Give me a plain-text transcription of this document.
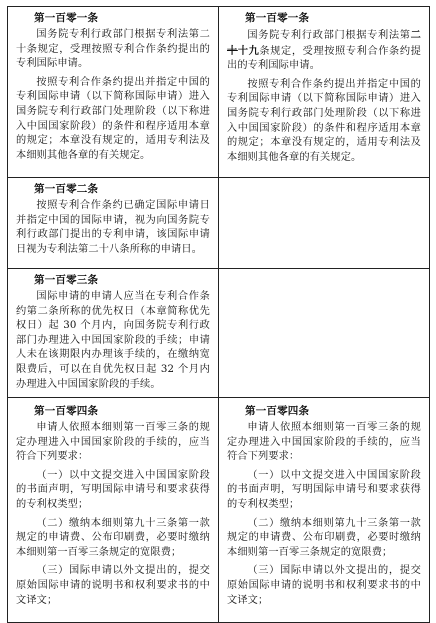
第一百零一条

国务院专利行政部门根据专利法第二十条规定，受理按照专利合作条约提出的专利国际申请。

按照专利合作条约提出并指定中国的专利国际申请（以下简称国际申请）进入国务院专利行政部门处理阶段（以下称进入中国国家阶段）的条件和程序适用本章的规定；本章没有规定的，适用专利法及本细则其他各章的有关规定。

第一百零一条

国务院专利行政部门根据专利法第二十十九条规定，受理按照专利合作条约提出的专利国际申请。

按照专利合作条约提出并指定中国的专利国际申请（以下简称国际申请）进入国务院专利行政部门处理阶段（以下称进入中国国家阶段）的条件和程序适用本章的规定；本章没有规定的，适用专利法及本细则其他各章的有关规定。

第一百零二条

按照专利合作条约已确定国际申请日并指定中国的国际申请，视为向国务院专利行政部门提出的专利申请，该国际申请日视为专利法第二十八条所称的申请日。

第一百零三条

国际申请的申请人应当在专利合作条约第二条所称的优先权日（本章简称优先权日）起 30 个月内，向国务院专利行政部门办理进入中国国家阶段的手续；申请人未在该期限内办理该手续的，在缴纳宽限费后，可以在自优先权日起 32 个月内办理进入中国国家阶段的手续。

第一百零四条

申请人依照本细则第一百零三条的规定办理进入中国国家阶段的手续的，应当符合下列要求：

（一）以中文提交进入中国国家阶段的书面声明，写明国际申请号和要求获得的专利权类型；

（二）缴纳本细则第九十三条第一款规定的申请费、公布印刷费，必要时缴纳本细则第一百零三条规定的宽限费；

（三）国际申请以外文提出的，提交原始国际申请的说明书和权利要求书的中文译文；

第一百零四条

申请人依照本细则第一百零三条的规定办理进入中国国家阶段的手续的，应当符合下列要求：

（一）以中文提交进入中国国家阶段的书面声明，写明国际申请号和要求获得的专利权类型；

（二）缴纳本细则第九十三条第一款规定的申请费、公布印刷费，必要时缴纳本细则第一百零三条规定的宽限费；

（三）国际申请以外文提出的，提交原始国际申请的说明书和权利要求书的中文译文；
